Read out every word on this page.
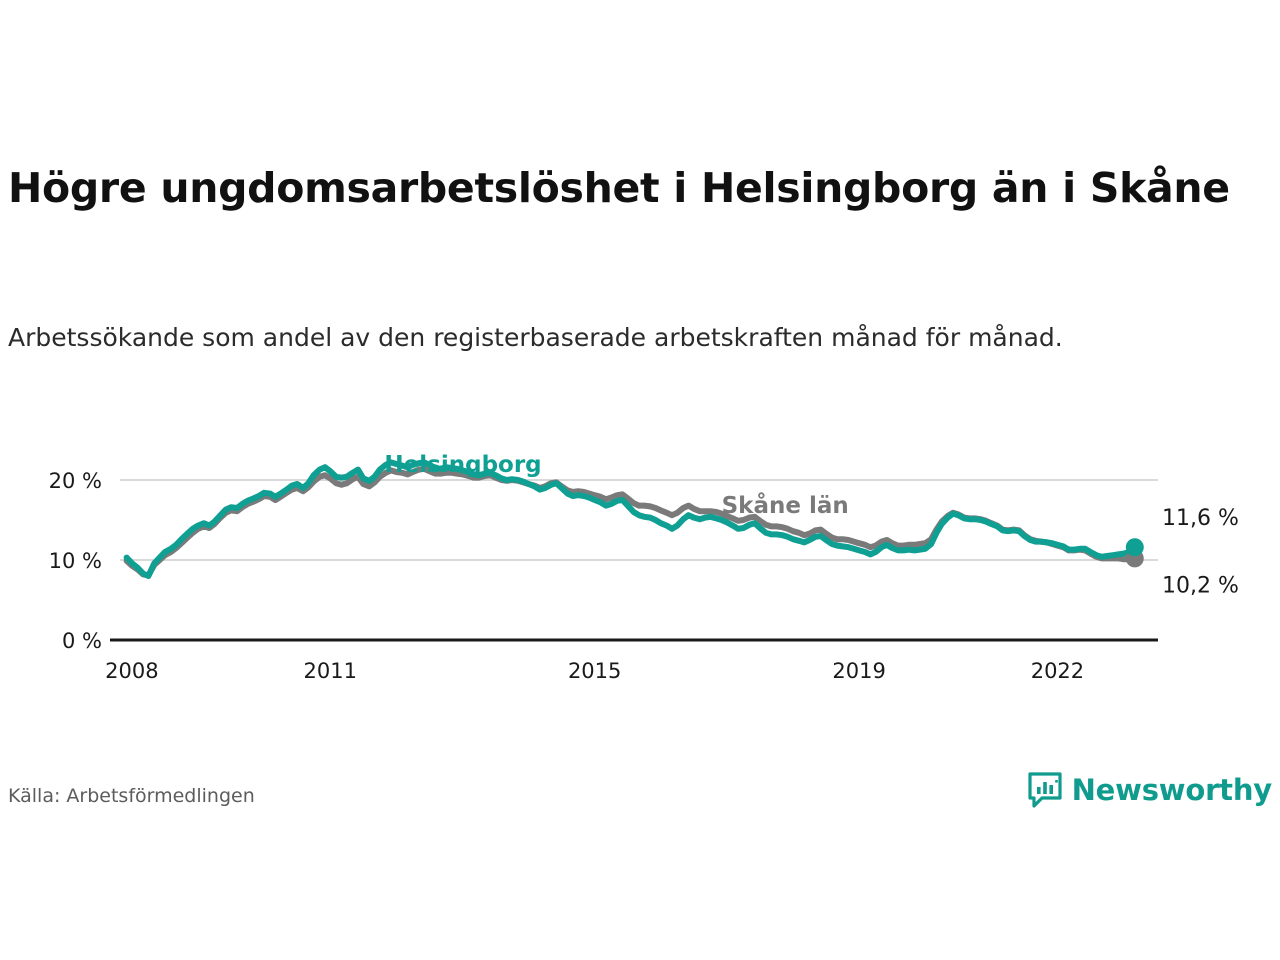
Högre ungdomsarbetslöshet i Helsingborg än i Skåne

Arbetssökande som andel av den registerbaserade arbetskraften månad för månad.

0 %
10 %
20 %
2008	2011	2015	2019	2022
Helsingborg
Skåne län	11,6 %
10,2 %
Källa: Arbetsförmedlingen	Newsworthy
